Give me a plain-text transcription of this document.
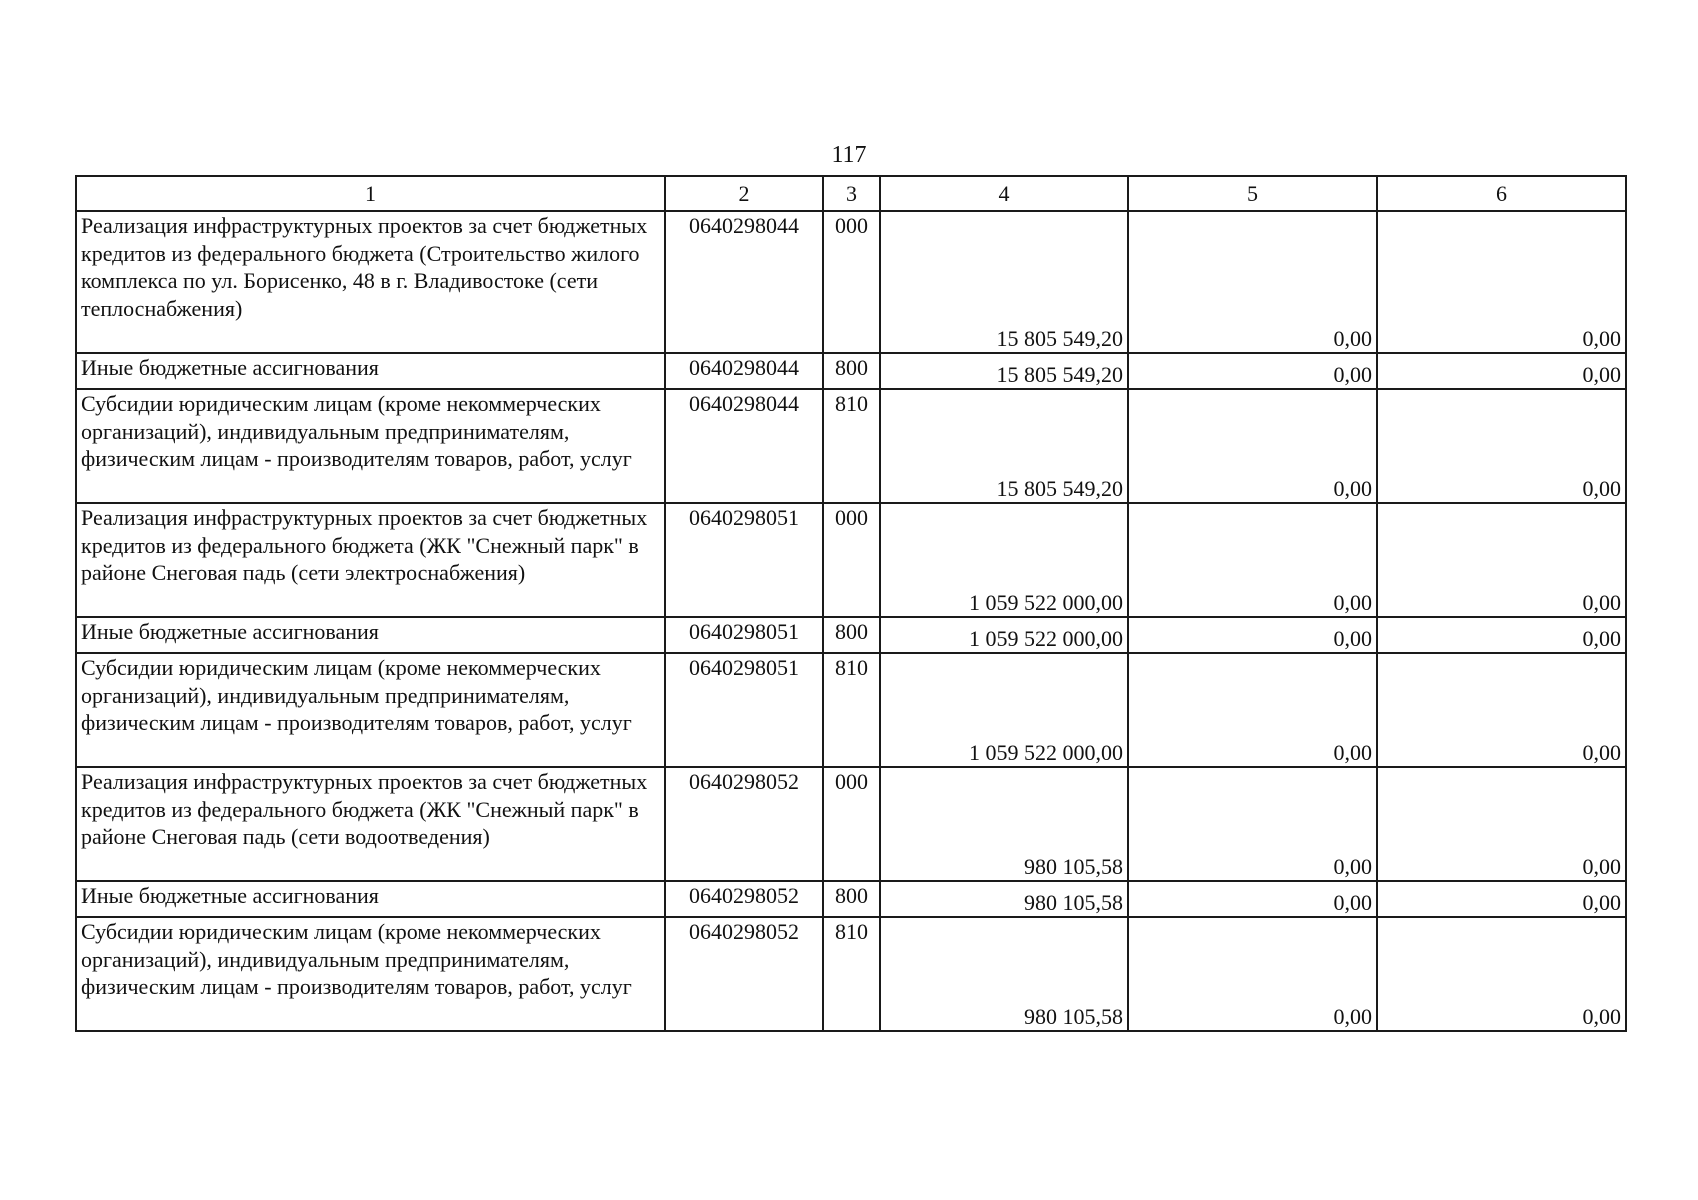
117
1	2	3	4	5	6
Реализация инфраструктурных проектов за счет бюджетных кредитов из федерального бюджета (Строительство жилого комплекса по ул. Борисенко, 48 в г. Владивостоке (сети теплоснабжения)	0640298044	000	15 805 549,20	0,00	0,00
Иные бюджетные ассигнования	0640298044	800	15 805 549,20	0,00	0,00
Субсидии юридическим лицам (кроме некоммерческих организаций), индивидуальным предпринимателям, физическим лицам - производителям товаров, работ, услуг	0640298044	810	15 805 549,20	0,00	0,00
Реализация инфраструктурных проектов за счет бюджетных кредитов из федерального бюджета (ЖК "Снежный парк" в районе Снеговая падь (сети электроснабжения)	0640298051	000	1 059 522 000,00	0,00	0,00
Иные бюджетные ассигнования	0640298051	800	1 059 522 000,00	0,00	0,00
Субсидии юридическим лицам (кроме некоммерческих организаций), индивидуальным предпринимателям, физическим лицам - производителям товаров, работ, услуг	0640298051	810	1 059 522 000,00	0,00	0,00
Реализация инфраструктурных проектов за счет бюджетных кредитов из федерального бюджета (ЖК "Снежный парк" в районе Снеговая падь (сети водоотведения)	0640298052	000	980 105,58	0,00	0,00
Иные бюджетные ассигнования	0640298052	800	980 105,58	0,00	0,00
Субсидии юридическим лицам (кроме некоммерческих организаций), индивидуальным предпринимателям, физическим лицам - производителям товаров, работ, услуг	0640298052	810	980 105,58	0,00	0,00
